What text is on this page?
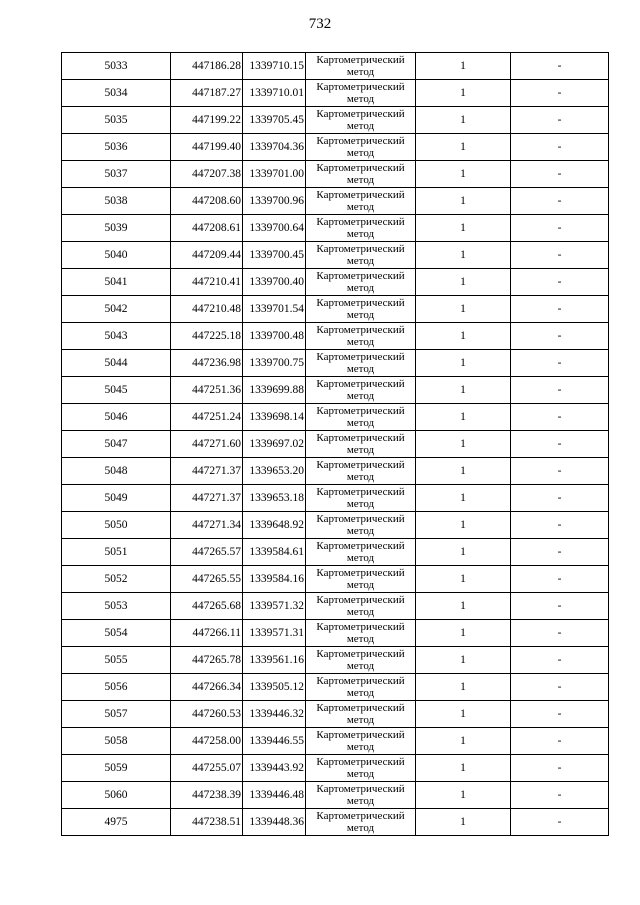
732
5033	447186.28	1339710.15	Картометрический
метод	1	-
5034	447187.27	1339710.01	Картометрический
метод	1	-
5035	447199.22	1339705.45	Картометрический
метод	1	-
5036	447199.40	1339704.36	Картометрический
метод	1	-
5037	447207.38	1339701.00	Картометрический
метод	1	-
5038	447208.60	1339700.96	Картометрический
метод	1	-
5039	447208.61	1339700.64	Картометрический
метод	1	-
5040	447209.44	1339700.45	Картометрический
метод	1	-
5041	447210.41	1339700.40	Картометрический
метод	1	-
5042	447210.48	1339701.54	Картометрический
метод	1	-
5043	447225.18	1339700.48	Картометрический
метод	1	-
5044	447236.98	1339700.75	Картометрический
метод	1	-
5045	447251.36	1339699.88	Картометрический
метод	1	-
5046	447251.24	1339698.14	Картометрический
метод	1	-
5047	447271.60	1339697.02	Картометрический
метод	1	-
5048	447271.37	1339653.20	Картометрический
метод	1	-
5049	447271.37	1339653.18	Картометрический
метод	1	-
5050	447271.34	1339648.92	Картометрический
метод	1	-
5051	447265.57	1339584.61	Картометрический
метод	1	-
5052	447265.55	1339584.16	Картометрический
метод	1	-
5053	447265.68	1339571.32	Картометрический
метод	1	-
5054	447266.11	1339571.31	Картометрический
метод	1	-
5055	447265.78	1339561.16	Картометрический
метод	1	-
5056	447266.34	1339505.12	Картометрический
метод	1	-
5057	447260.53	1339446.32	Картометрический
метод	1	-
5058	447258.00	1339446.55	Картометрический
метод	1	-
5059	447255.07	1339443.92	Картометрический
метод	1	-
5060	447238.39	1339446.48	Картометрический
метод	1	-
4975	447238.51	1339448.36	Картометрический
метод	1	-
